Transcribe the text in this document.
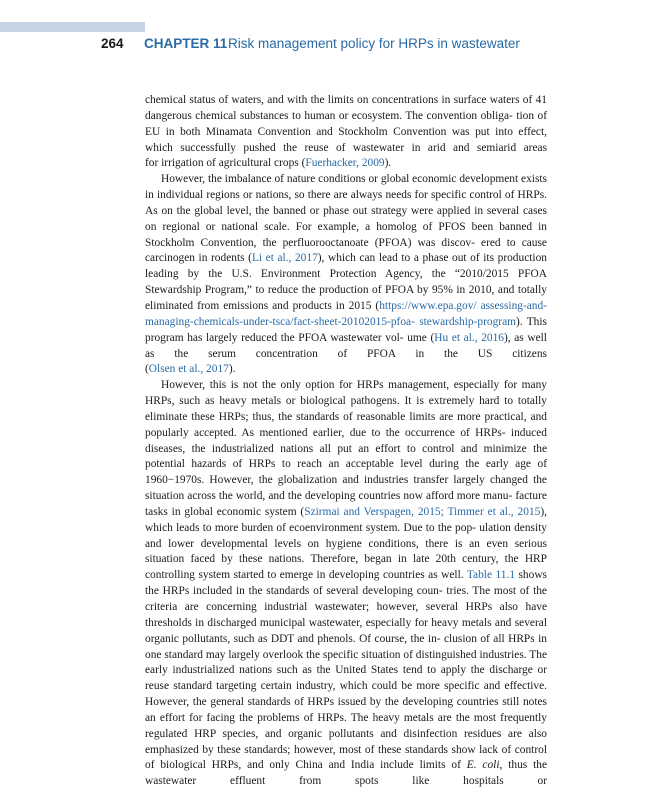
264 CHAPTER 11 Risk management policy for HRPs in wastewater

chemical status of waters, and with the limits on concentrations in surface waters of 41 dangerous chemical substances to human or ecosystem. The convention obliga- tion of EU in both Minamata Convention and Stockholm Convention was put into effect, which successfully pushed the reuse of wastewater in arid and semiarid areas

for irrigation of agricultural crops (Fuerhacker, 2009).

However, the imbalance of nature conditions or global economic development exists in individual regions or nations, so there are always needs for specific control of HRPs. As on the global level, the banned or phase out strategy were applied in several cases on regional or national scale. For example, a homolog of PFOS been banned in Stockholm Convention, the perfluorooctanoate (PFOA) was discov- ered to cause carcinogen in rodents (Li et al., 2017), which can lead to a phase out of its production leading by the U.S. Environment Protection Agency, the “2010/2015 PFOA Stewardship Program,” to reduce the production of PFOA by 95% in 2010, and totally eliminated from emissions and products in 2015 (https://www.epa.gov/ assessing-and-managing-chemicals-under-tsca/fact-sheet-20102015-pfoa- stewardship-program). This program has largely reduced the PFOA wastewater vol- ume (Hu et al., 2016), as well as the serum concentration of PFOA in the US citizens

(Olsen et al., 2017).

However, this is not the only option for HRPs management, especially for many HRPs, such as heavy metals or biological pathogens. It is extremely hard to totally eliminate these HRPs; thus, the standards of reasonable limits are more practical, and popularly accepted. As mentioned earlier, due to the occurrence of HRPs- induced diseases, the industrialized nations all put an effort to control and minimize the potential hazards of HRPs to reach an acceptable level during the early age of 1960−1970s. However, the globalization and industries transfer largely changed the situation across the world, and the developing countries now afford more manu- facture tasks in global economic system (Szirmai and Verspagen, 2015; Timmer et al., 2015), which leads to more burden of ecoenvironment system. Due to the pop- ulation density and lower developmental levels on hygiene conditions, there is an even serious situation faced by these nations. Therefore, began in late 20th century, the HRP controlling system started to emerge in developing countries as well. Table 11.1 shows the HRPs included in the standards of several developing coun- tries. The most of the criteria are concerning industrial wastewater; however, several HRPs also have thresholds in discharged municipal wastewater, especially for heavy metals and several organic pollutants, such as DDT and phenols. Of course, the in- clusion of all HRPs in one standard may largely overlook the specific situation of distinguished industries. The early industrialized nations such as the United States tend to apply the discharge or reuse standard targeting certain industry, which could be more specific and effective. However, the general standards of HRPs issued by the developing countries still notes an effort for facing the problems of HRPs. The heavy metals are the most frequently regulated HRP species, and organic pollutants and disinfection residues are also emphasized by these standards; however, most of these standards show lack of control of biological HRPs, and only China and India include limits of E. coli, thus the wastewater effluent from spots like hospitals or
